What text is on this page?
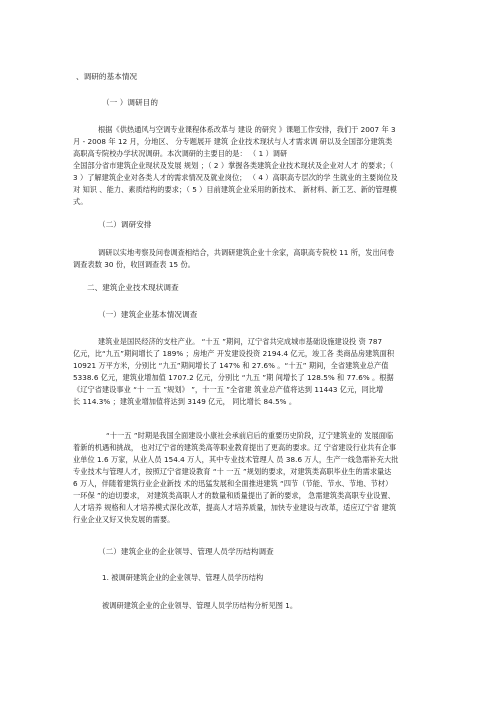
、调研的基本情况
（一 ）调研目的
根据《供热通风与空调专业课程体系改革与 建设 的研究 》课题工作安排，我们于 2007 年 3
月 - 2008 年 12 月，分地区、 分专题展开 建筑 企业技术现状与人才需求调 研以及全国部分建筑类
高职高专院校办学状况调研。本次调研的主要目的是： （ 1 ）调研
全国部分省市建筑企业现状及发展 规划 ；（ 2 ）掌握各类建筑企业技术现状及企业对人才 的要求；（
3 ）了解建筑企业对各类人才的需求情况及就业岗位； （ 4 ）高职高专层次的学 生就业的主要岗位及
对 知识 、能力、素质结构的要求；（ 5 ）目前建筑企业采用的新技术、 新材料、新工艺、新的管理模
式。
（二）调研安排
调研以实地考察及问卷调查相结合，共调研建筑企业十余家，高职高专院校 11 所，发出问卷
调查表数 30 份，收回调查表 15 份。
二、建筑企业技术现状调查
（一）建筑企业基本情况调查
建筑业是国民经济的支柱产业。 “十五 ”期间，辽宁省共完成城市基础设施建设投 资 787
亿元，比“九五”期间增长了 189% ；房地产 开发建设投资 2194.4 亿元，竣工各 类商品房建筑面积
10921 万平方米，分别比 “九五”期间增长了 147% 和 27.6% 。“十五” 期间，全省建筑业总产值
5338.6 亿元，建筑业增加值 1707.2 亿元，分别比 “九五 ”期 间增长了 128.5% 和 77.6% 。根据
《辽宁省建设事业 “十 一五 ”规划》 ”，十一五 ”全省建 筑业总产值将达到 11443 亿元，同比增
长 114.3% ；建筑业增加值将达到 3149 亿元， 同比增长 84.5% 。
“十一五 ”时期是我国全面建设小康社会承前启后的重要历史阶段，辽宁建筑业的 发展面临
着新的机遇和挑战， 也对辽宁省的建筑类高等职业教育提出了更高的要求。辽 宁省建设行业共有企事
业单位 1.6 万家，从业人员 154.4 万人，其中专业技术管理人 员 38.6 万人，生产一线急需补充大批
专业技术与管理人才，按照辽宁省建设教育 “十 一五 ”规划的要求，对建筑类高职毕业生的需求量达
6 万人，伴随着建筑行业企业新技 术的迅猛发展和全面推进建筑 “四节（节能、节水、节地、节材）
一环保 ”的迫切要求， 对建筑类高职人才的数量和质量提出了新的要求， 急需建筑类高职专业设置、
人才培养 规格和人才培养模式深化改革，提高人才培养质量，加快专业建设与改革，适应辽宁省 建筑
行业企业又好又快发展的需要。
（二）建筑企业的企业领导、管理人员学历结构调查
1. 被调研建筑企业的企业领导、管理人员学历结构
被调研建筑企业的企业领导、管理人员学历结构分析见图 1。
